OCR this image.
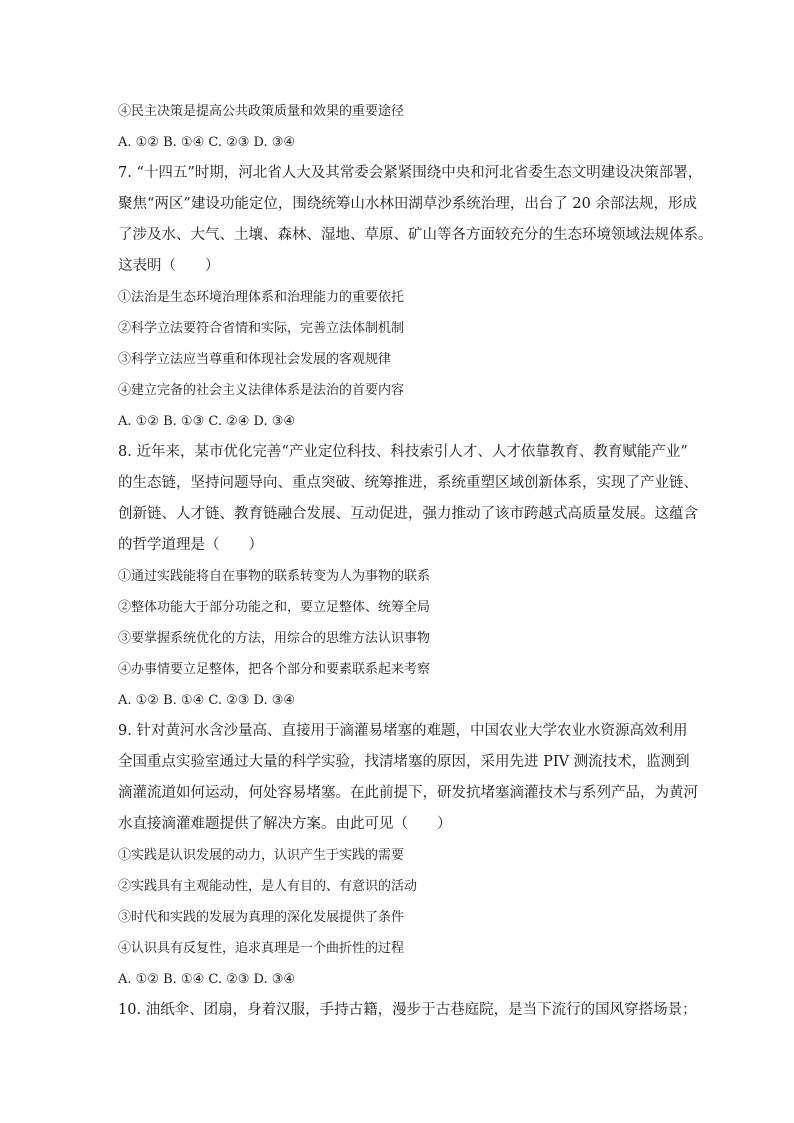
④民主决策是提高公共政策质量和效果的重要途径
A. ①② B. ①④ C. ②③ D. ③④
7. “十四五”时期，河北省人大及其常委会紧紧围绕中央和河北省委生态文明建设决策部署，
聚焦“两区”建设功能定位，围绕统筹山水林田湖草沙系统治理，出台了 20 余部法规，形成
了涉及水、大气、土壤、森林、湿地、草原、矿山等各方面较充分的生态环境领域法规体系。
这表明（　　）
①法治是生态环境治理体系和治理能力的重要依托
②科学立法要符合省情和实际，完善立法体制机制
③科学立法应当尊重和体现社会发展的客观规律
④建立完备的社会主义法律体系是法治的首要内容
A. ①② B. ①③ C. ②④ D. ③④
8. 近年来，某市优化完善“产业定位科技、科技索引人才、人才依靠教育、教育赋能产业”
的生态链，坚持问题导向、重点突破、统筹推进，系统重塑区域创新体系，实现了产业链、
创新链、人才链、教育链融合发展、互动促进，强力推动了该市跨越式高质量发展。这蕴含
的哲学道理是（　　）
①通过实践能将自在事物的联系转变为人为事物的联系
②整体功能大于部分功能之和，要立足整体、统筹全局
③要掌握系统优化的方法，用综合的思维方法认识事物
④办事情要立足整体，把各个部分和要素联系起来考察
A. ①② B. ①④ C. ②③ D. ③④
9. 针对黄河水含沙量高、直接用于滴灌易堵塞的难题，中国农业大学农业水资源高效利用
全国重点实验室通过大量的科学实验，找清堵塞的原因，采用先进 PIV 测流技术，监测到
滴灌流道如何运动，何处容易堵塞。在此前提下，研发抗堵塞滴灌技术与系列产品，为黄河
水直接滴灌难题提供了解决方案。由此可见（　　）
①实践是认识发展的动力，认识产生于实践的需要
②实践具有主观能动性，是人有目的、有意识的活动
③时代和实践的发展为真理的深化发展提供了条件
④认识具有反复性，追求真理是一个曲折性的过程
A. ①② B. ①④ C. ②③ D. ③④
10. 油纸伞、团扇，身着汉服，手持古籍，漫步于古巷庭院，是当下流行的国风穿搭场景；
